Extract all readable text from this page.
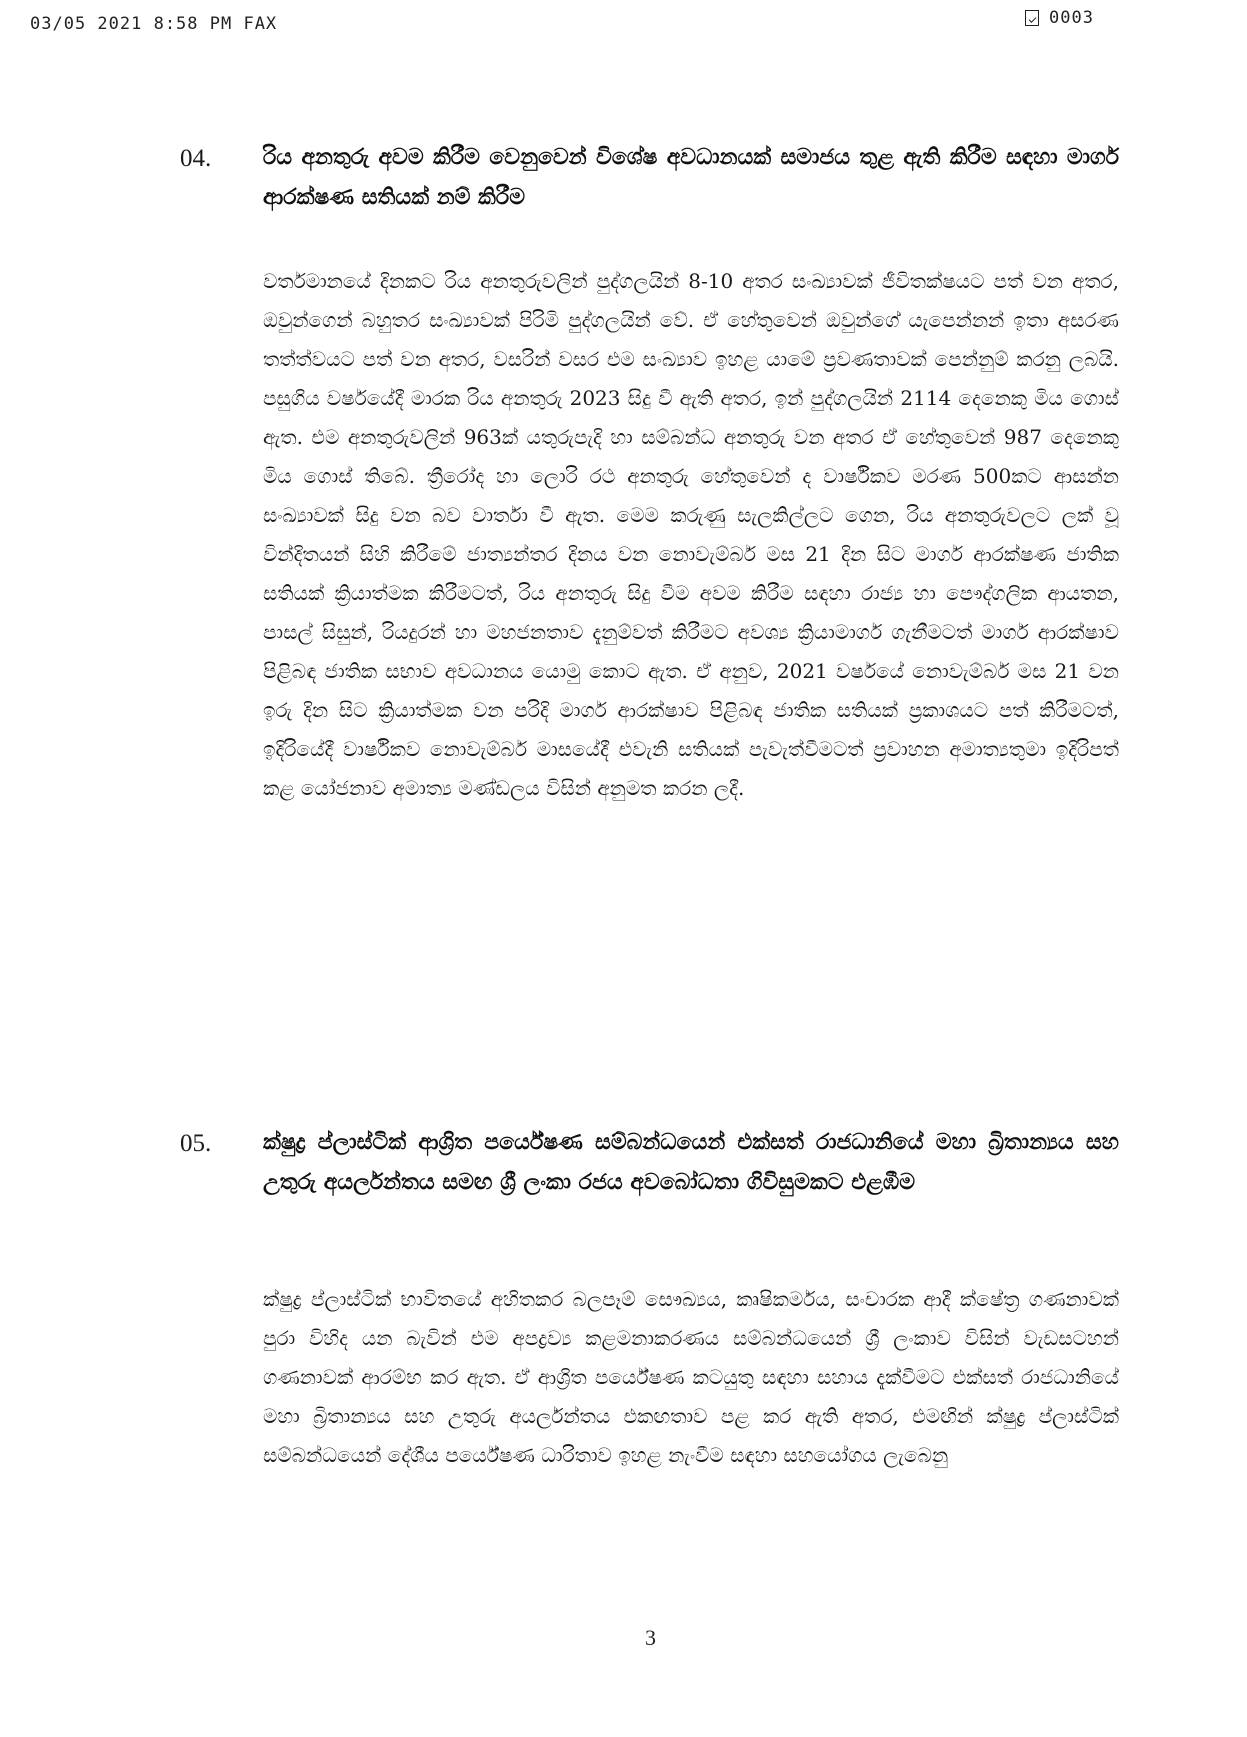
03/05 2021 8:58 PM FAX	0003
04. රිය අනතුරු අවම කිරීම වෙනුවෙන් විශේෂ අවධානයක් සමාජය තුළ ඇති කිරීම සඳහා මාර්ග ආරක්ෂණ සතියක් නම් කිරීම
වර්තමානයේ දිනකට රිය අනතුරුවලින් පුද්ගලයින් 8-10 අතර සංඛ්‍යාවක් ජීවිතක්ෂයට පත් වන අතර, ඔවුන්ගෙන් බහුතර සංඛ්‍යාවක් පිරිමි පුද්ගලයින් වේ. ඒ හේතුවෙන් ඔවුන්ගේ යැපෙන්නන් ඉතා අසරණ තත්ත්වයට පත් වන අතර, වසරින් වසර එම සංඛ්‍යාව ඉහළ යාමේ ප්‍රවණතාවක් පෙන්නුම් කරනු ලබයි. පසුගිය වර්ෂයේදී මාරක රිය අනතුරු 2023 සිදු වී ඇති අතර, ඉන් පුද්ගලයින් 2114 දෙනෙකු මිය ගොස් ඇත. එම අනතුරුවලින් 963ක් යතුරුපැදි හා සම්බන්ධ අනතුරු වන අතර ඒ හේතුවෙන් 987 දෙනෙකු මිය ගොස් තිබේ. ත්‍රීරෝද හා ලොරි රථ අනතුරු හේතුවෙන් ද වාර්ෂිකව මරණ 500කට ආසන්න සංඛ්‍යාවක් සිදු වන බව වාර්තා වී ඇත. මෙම කරුණු සැලකිල්ලට ගෙන, රිය අනතුරුවලට ලක් වූ වින්දිතයන් සිහි කිරීමේ ජාත්‍යන්තර දිනය වන නොවැම්බර් මස 21 දින සිට මාර්ග ආරක්ෂණ ජාතික සතියක් ක්‍රියාත්මක කිරීමටත්, රිය අනතුරු සිදු වීම අවම කිරීම සඳහා රාජ්‍ය හා පෞද්ගලික ආයතන, පාසල් සිසුන්, රියදුරන් හා මහජනතාව දැනුම්වත් කිරීමට අවශ්‍ය ක්‍රියාමාර්ග ගැනීමටත් මාර්ග ආරක්ෂාව පිළිබඳ ජාතික සභාව අවධානය යොමු කොට ඇත. ඒ අනුව, 2021 වර්ෂයේ නොවැම්බර් මස 21 වන ඉරු දින සිට ක්‍රියාත්මක වන පරිදි මාර්ග ආරක්ෂාව පිළිබඳ ජාතික සතියක් ප්‍රකාශයට පත් කිරීමටත්, ඉදිරියේදී වාර්ෂිකව නොවැම්බර් මාසයේදී එවැනි සතියක් පැවැත්වීමටත් ප්‍රවාහන අමාත්‍යතුමා ඉදිරිපත් කළ යෝජනාව අමාත්‍ය මණ්ඩලය විසින් අනුමත කරන ලදී.
05. ක්ෂුද්‍ර ප්ලාස්ටික් ආශ්‍රිත පර්යේෂණ සම්බන්ධයෙන් එක්සත් රාජධානියේ මහා බ්‍රිතාන්‍යය සහ උතුරු අයර්ලන්තය සමඟ ශ්‍රී ලංකා රජය අවබෝධතා ගිවිසුමකට එළඹීම
ක්ෂුද්‍ර ප්ලාස්ටික් භාවිතයේ අහිතකර බලපෑම් සෞඛ්‍යය, කෘෂිකර්මය, සංචාරක ආදී ක්ෂේත්‍ර ගණනාවක් පුරා විහිද යන බැවින් එම අපද්‍රව්‍ය කළමනාකරණය සම්බන්ධයෙන් ශ්‍රී ලංකාව විසින් වැඩසටහන් ගණනාවක් ආරම්භ කර ඇත. ඒ ආශ්‍රිත පර්යේෂණ කටයුතු සඳහා සහාය දැක්වීමට එක්සත් රාජධානියේ මහා බ්‍රිතාන්‍යය සහ උතුරු අයර්ලන්තය එකඟතාව පළ කර ඇති අතර, එමඟින් ක්ෂුද්‍ර ප්ලාස්ටික් සම්බන්ධයෙන් දේශීය පර්යේෂණ ධාරිතාව ඉහළ නැංවීම සඳහා සහයෝගය ලැබෙනු
3
